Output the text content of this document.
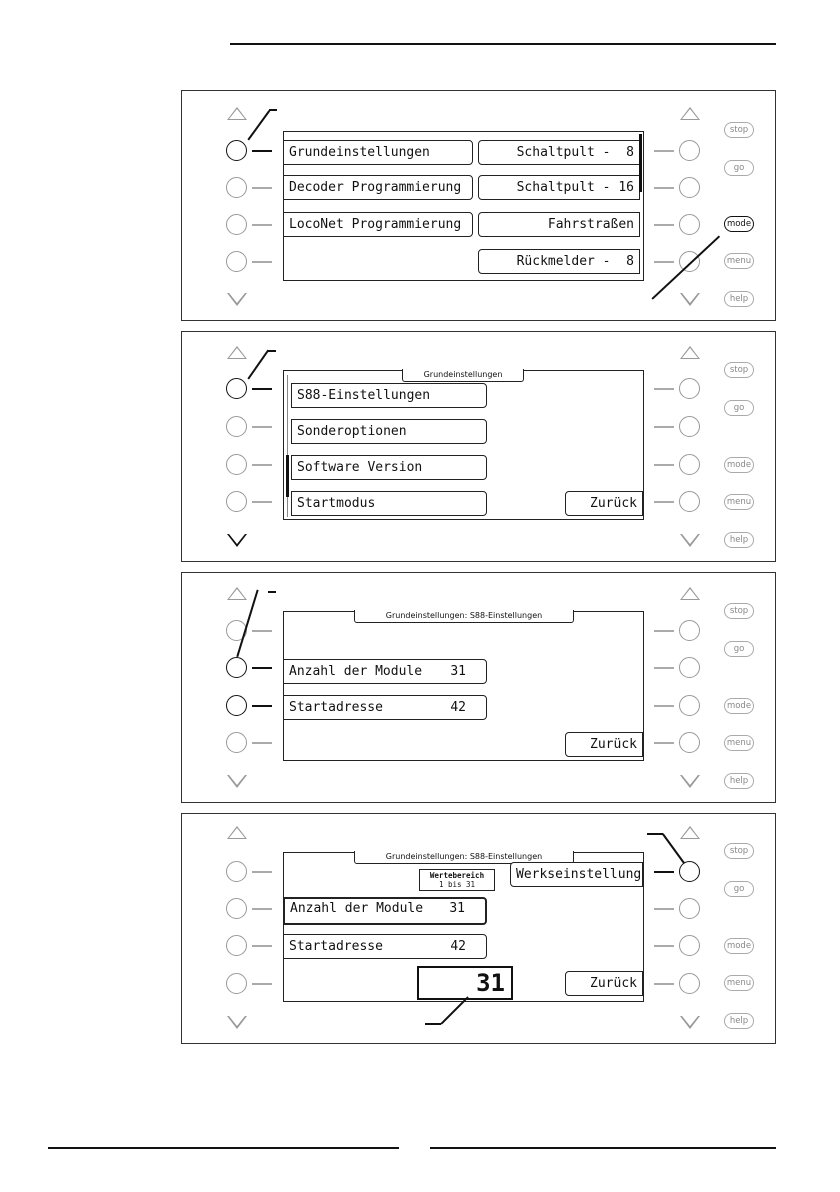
stop
go
mode
menu
help
Grundeinstellungen
Decoder Programmierung
LocoNet Programmierung
Schaltpult - 8
Schaltpult - 16
Fahrstraßen
Rückmelder - 8
stop
go
mode
menu
help
Grundeinstellungen
S88-Einstellungen
Sonderoptionen
Software Version
Startmodus	Zurück
stop
go
mode
menu
help
Grundeinstellungen: S88-Einstellungen
Anzahl der Module 31
Startadresse	42
Zurück
stop
go
mode
menu
help
Grundeinstellungen: S88-Einstellungen
Wertebereich
1 bis 31
Werkseinstellung
Anzahl der Module 31
Startadresse	42
31	Zurück
